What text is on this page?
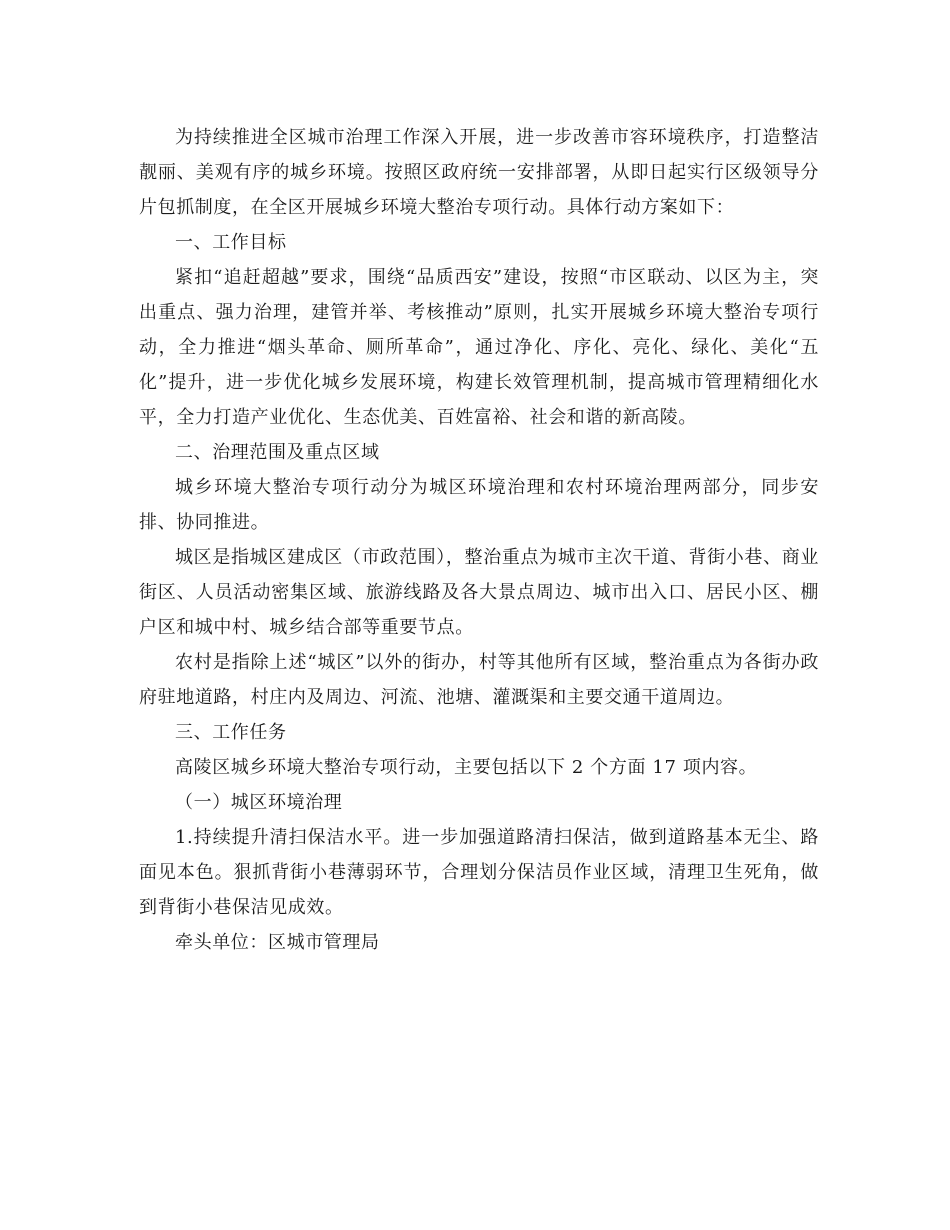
为持续推进全区城市治理工作深入开展，进一步改善市容环境秩序，打造整洁靓丽、美观有序的城乡环境。按照区政府统一安排部署，从即日起实行区级领导分片包抓制度，在全区开展城乡环境大整治专项行动。具体行动方案如下：

一、工作目标

紧扣“追赶超越”要求，围绕“品质西安”建设，按照“市区联动、以区为主，突出重点、强力治理，建管并举、考核推动”原则，扎实开展城乡环境大整治专项行动，全力推进“烟头革命、厕所革命”，通过净化、序化、亮化、绿化、美化“五化”提升，进一步优化城乡发展环境，构建长效管理机制，提高城市管理精细化水平，全力打造产业优化、生态优美、百姓富裕、社会和谐的新高陵。

二、治理范围及重点区域

城乡环境大整治专项行动分为城区环境治理和农村环境治理两部分，同步安排、协同推进。

城区是指城区建成区（市政范围），整治重点为城市主次干道、背街小巷、商业街区、人员活动密集区域、旅游线路及各大景点周边、城市出入口、居民小区、棚户区和城中村、城乡结合部等重要节点。

农村是指除上述“城区”以外的街办，村等其他所有区域，整治重点为各街办政府驻地道路，村庄内及周边、河流、池塘、灌溉渠和主要交通干道周边。

三、工作任务

高陵区城乡环境大整治专项行动，主要包括以下 2 个方面 17 项内容。

（一）城区环境治理

1.持续提升清扫保洁水平。进一步加强道路清扫保洁，做到道路基本无尘、路面见本色。狠抓背街小巷薄弱环节，合理划分保洁员作业区域，清理卫生死角，做到背街小巷保洁见成效。

牵头单位：区城市管理局
